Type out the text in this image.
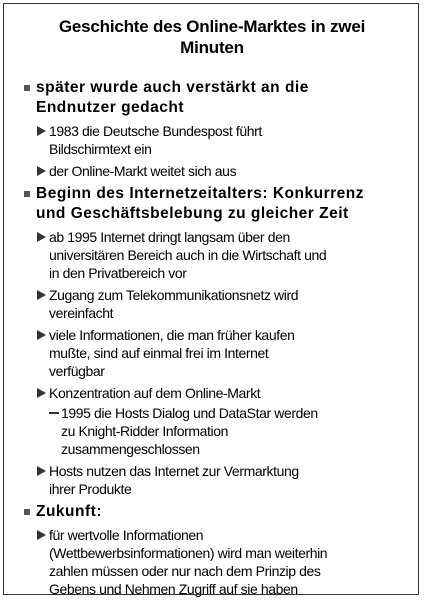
Geschichte des Online-Marktes in zwei
Minuten
später wurde auch verstärkt an die
Endnutzer gedacht
1983 die Deutsche Bundespost führt
Bildschirmtext ein
der Online-Markt weitet sich aus
Beginn des Internetzeitalters: Konkurrenz
und Geschäftsbelebung zu gleicher Zeit
ab 1995 Internet dringt langsam über den
universitären Bereich auch in die Wirtschaft und
in den Privatbereich vor
Zugang zum Telekommunikationsnetz wird
vereinfacht
viele Informationen, die man früher kaufen
mußte, sind auf einmal frei im Internet
verfügbar
Konzentration auf dem Online-Markt
1995 die Hosts Dialog und DataStar werden
zu Knight-Ridder Information
zusammengeschlossen
Hosts nutzen das Internet zur Vermarktung
ihrer Produkte
Zukunft:
für wertvolle Informationen
(Wettbewerbsinformationen) wird man weiterhin
zahlen müssen oder nur nach dem Prinzip des
Gebens und Nehmen Zugriff auf sie haben
